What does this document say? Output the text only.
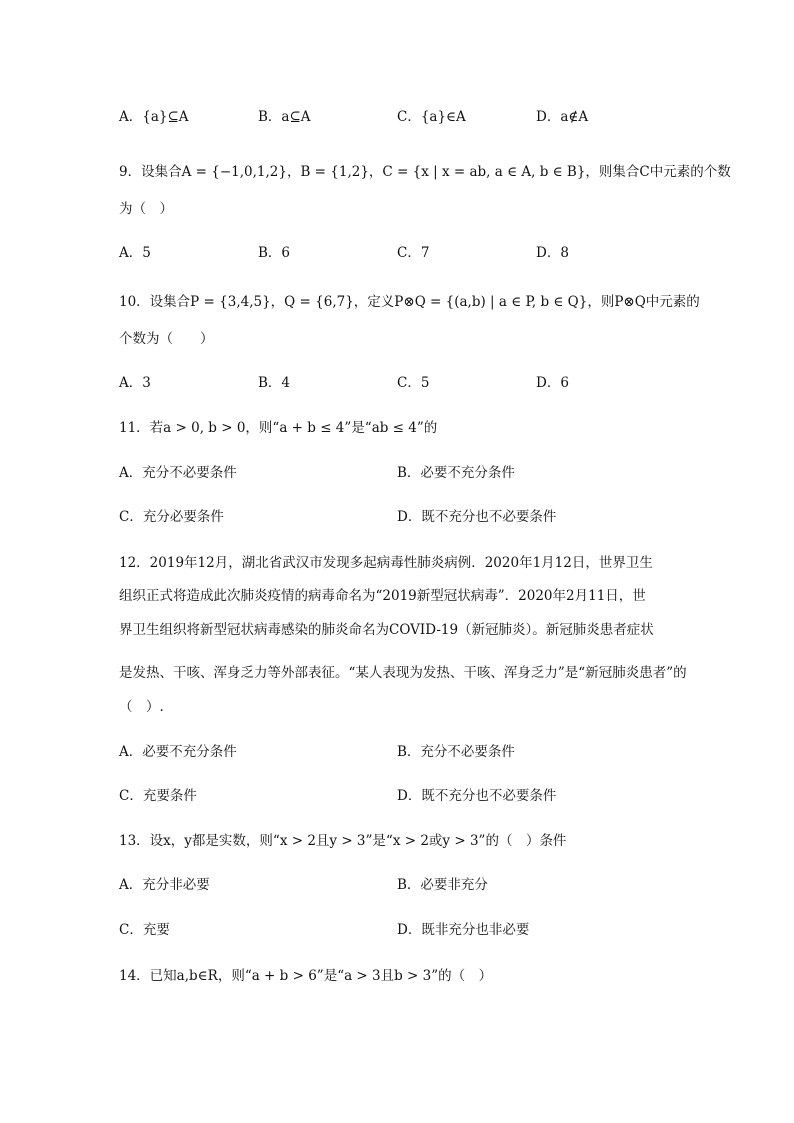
A．{a}⊆A	B．a⊆A	C．{a}∈A	D．a∉A
9．设集合A = {−1,0,1,2}，B = {1,2}，C = {x | x = ab, a ∈ A, b ∈ B}，则集合C中元素的个数
为（　）
A．5	B．6	C．7	D．8
10．设集合P = {3,4,5}，Q = {6,7}，定义P⊗Q = {(a,b) | a ∈ P, b ∈ Q}，则P⊗Q中元素的
个数为（　　）
A．3	B．4	C．5	D．6
11．若a > 0, b > 0，则“a + b ≤ 4”是“ab ≤ 4”的
A．充分不必要条件	B．必要不充分条件
C．充分必要条件	D．既不充分也不必要条件
12．2019年12月，湖北省武汉市发现多起病毒性肺炎病例．2020年1月12日，世界卫生
组织正式将造成此次肺炎疫情的病毒命名为“2019新型冠状病毒”．2020年2月11日，世
界卫生组织将新型冠状病毒感染的肺炎命名为COVID-19（新冠肺炎）。新冠肺炎患者症状
是发热、干咳、浑身乏力等外部表征。“某人表现为发热、干咳、浑身乏力”是“新冠肺炎患者”的
（　）.
A．必要不充分条件	B．充分不必要条件
C．充要条件	D．既不充分也不必要条件
13．设x，y都是实数，则“x > 2且y > 3”是“x > 2或y > 3”的（　）条件
A．充分非必要	B．必要非充分
C．充要	D．既非充分也非必要
14．已知a,b∈R，则“a + b > 6”是“a > 3且b > 3”的（　）
